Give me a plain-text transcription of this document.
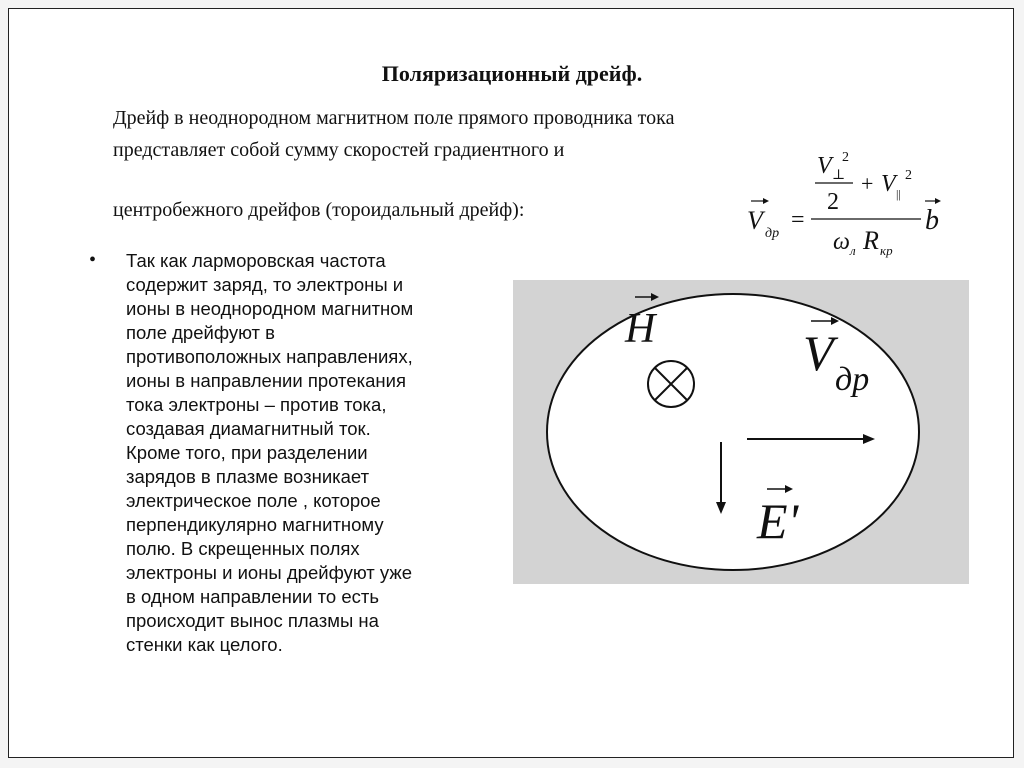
Поляризационный дрейф.
Дрейф в неоднородном магнитном поле прямого проводника тока
представляет собой сумму скоростей градиентного и
центробежного дрейфов (тороидальный дрейф):
V ⊥
2
2
+ V ||
2
V др
=
ω л R кр
b
• Так как ларморовская частота
содержит заряд, то электроны и
ионы в неоднородном магнитном
поле дрейфуют в
противоположных направлениях,
ионы в направлении протекания
тока электроны – против тока,
создавая диамагнитный ток.
Кроме того, при разделении
зарядов в плазме возникает
электрическое поле , которое
перпендикулярно магнитному
полю. В скрещенных полях
электроны и ионы дрейфуют уже
в одном направлении то есть
происходит вынос плазмы на
стенки как целого.
H	V др
E'
